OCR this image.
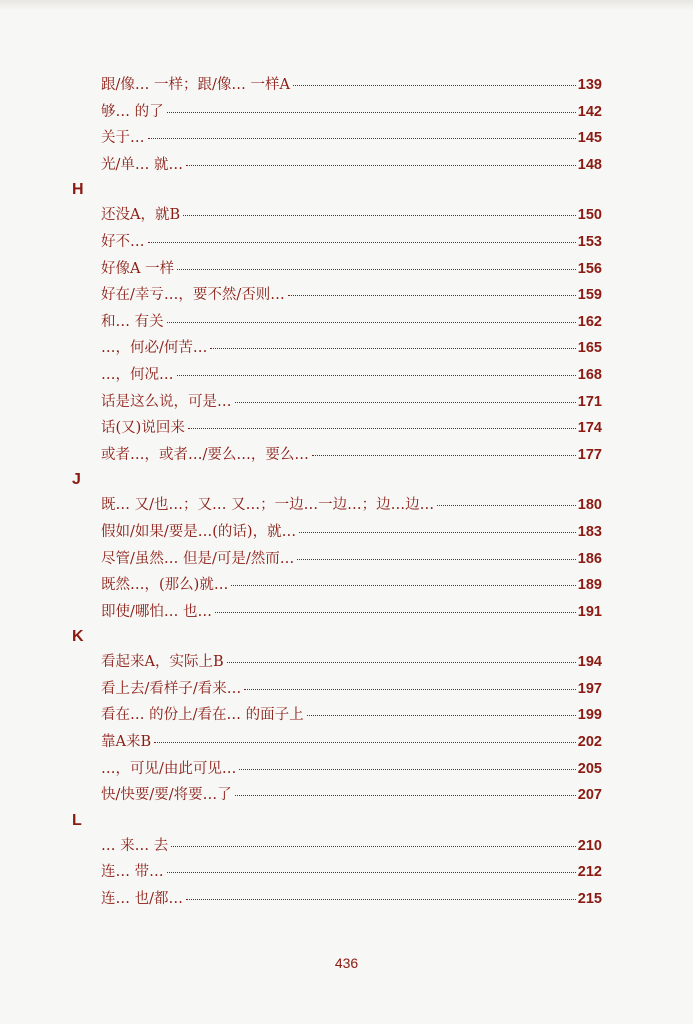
跟/像… 一样；跟/像… 一样A	139
够… 的了	142
关于…	145
光/单… 就…	148
H
还没A，就B	150
好不…	153
好像A 一样	156
好在/幸亏…，要不然/否则…	159
和… 有关	162
…，何必/何苦…	165
…，何况…	168
话是这么说，可是…	171
话(又)说回来	174
或者…，或者…/要么…，要么…	177
J
既… 又/也…；又… 又…；一边…一边…；边…边…	180
假如/如果/要是…(的话)，就…	183
尽管/虽然… 但是/可是/然而…	186
既然…，(那么)就…	189
即使/哪怕… 也…	191
K
看起来A，实际上B	194
看上去/看样子/看来…	197
看在… 的份上/看在… 的面子上	199
靠A来B	202
…，可见/由此可见…	205
快/快要/要/将要…了	207
L
… 来… 去	210
连… 带…	212
连… 也/都…	215
436
